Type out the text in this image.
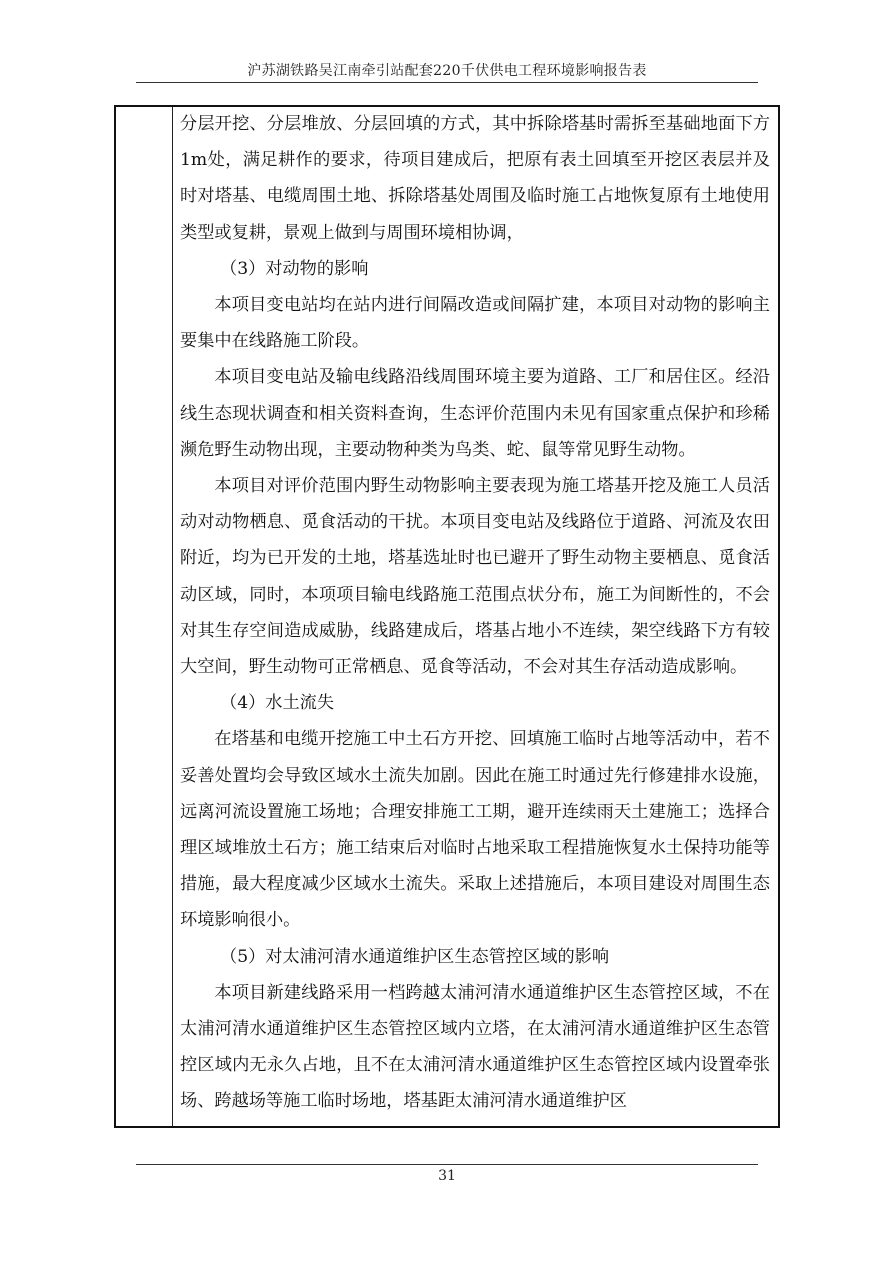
沪苏湖铁路吴江南牵引站配套220千伏供电工程环境影响报告表

分层开挖、分层堆放、分层回填的方式，其中拆除塔基时需拆至基础地面下方1m处，满足耕作的要求，待项目建成后，把原有表土回填至开挖区表层并及时对塔基、电缆周围土地、拆除塔基处周围及临时施工占地恢复原有土地使用类型或复耕，景观上做到与周围环境相协调，

（3）对动物的影响

本项目变电站均在站内进行间隔改造或间隔扩建，本项目对动物的影响主要集中在线路施工阶段。

本项目变电站及输电线路沿线周围环境主要为道路、工厂和居住区。经沿线生态现状调查和相关资料查询，生态评价范围内未见有国家重点保护和珍稀濒危野生动物出现，主要动物种类为鸟类、蛇、鼠等常见野生动物。

本项目对评价范围内野生动物影响主要表现为施工塔基开挖及施工人员活动对动物栖息、觅食活动的干扰。本项目变电站及线路位于道路、河流及农田附近，均为已开发的土地，塔基选址时也已避开了野生动物主要栖息、觅食活动区域，同时，本项项目输电线路施工范围点状分布，施工为间断性的，不会对其生存空间造成威胁，线路建成后，塔基占地小不连续，架空线路下方有较大空间，野生动物可正常栖息、觅食等活动，不会对其生存活动造成影响。

（4）水土流失

在塔基和电缆开挖施工中土石方开挖、回填施工临时占地等活动中，若不妥善处置均会导致区域水土流失加剧。因此在施工时通过先行修建排水设施，远离河流设置施工场地；合理安排施工工期，避开连续雨天土建施工；选择合理区域堆放土石方；施工结束后对临时占地采取工程措施恢复水土保持功能等措施，最大程度减少区域水土流失。采取上述措施后，本项目建设对周围生态环境影响很小。

（5）对太浦河清水通道维护区生态管控区域的影响

本项目新建线路采用一档跨越太浦河清水通道维护区生态管控区域，不在太浦河清水通道维护区生态管控区域内立塔，在太浦河清水通道维护区生态管控区域内无永久占地，且不在太浦河清水通道维护区生态管控区域内设置牵张场、跨越场等施工临时场地，塔基距太浦河清水通道维护区

31
